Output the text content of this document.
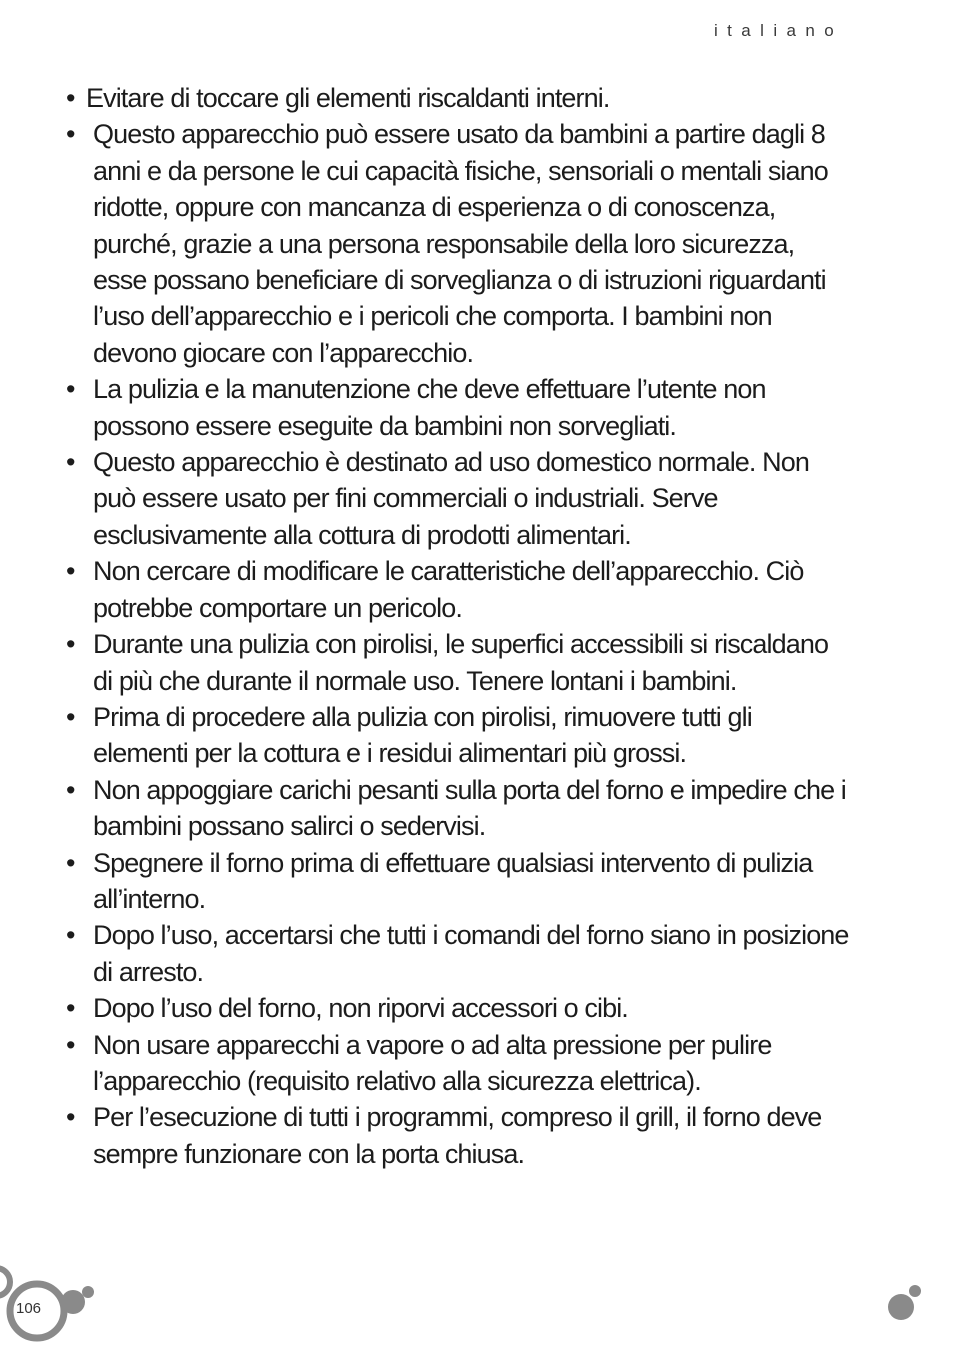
italiano
• Evitare di toccare gli elementi riscaldanti interni.
• Questo apparecchio può essere usato da bambini a partire dagli 8 anni e da persone le cui capacità fisiche, sensoriali o mentali siano ridotte, oppure con mancanza di esperienza o di conoscenza, purché, grazie a una persona responsabile della loro sicurezza, esse possano beneficiare di sorveglianza o di istruzioni riguardanti l’uso dell’apparecchio e i pericoli che comporta. I bambini non devono giocare con l’apparecchio.
• La pulizia e la manutenzione che deve effettuare l’utente non possono essere eseguite da bambini non sorvegliati.
• Questo apparecchio è destinato ad uso domestico normale. Non può essere usato per fini commerciali o industriali. Serve esclusivamente alla cottura di prodotti alimentari.
• Non cercare di modificare le caratteristiche dell’apparecchio. Ciò potrebbe comportare un pericolo.
• Durante una pulizia con pirolisi, le superfici accessibili si riscaldano di più che durante il normale uso. Tenere lontani i bambini.
• Prima di procedere alla pulizia con pirolisi, rimuovere tutti gli elementi per la cottura e i residui alimentari più grossi.
• Non appoggiare carichi pesanti sulla porta del forno e impedire che i bambini possano salirci o sedervisi.
• Spegnere il forno prima di effettuare qualsiasi intervento di pulizia all’interno.
• Dopo l’uso, accertarsi che tutti i comandi del forno siano in posizione di arresto.
• Dopo l’uso del forno, non riporvi accessori o cibi.
• Non usare apparecchi a vapore o ad alta pressione per pulire l’apparecchio (requisito relativo alla sicurezza elettrica).
• Per l’esecuzione di tutti i programmi, compreso il grill, il forno deve sempre funzionare con la porta chiusa.
106
